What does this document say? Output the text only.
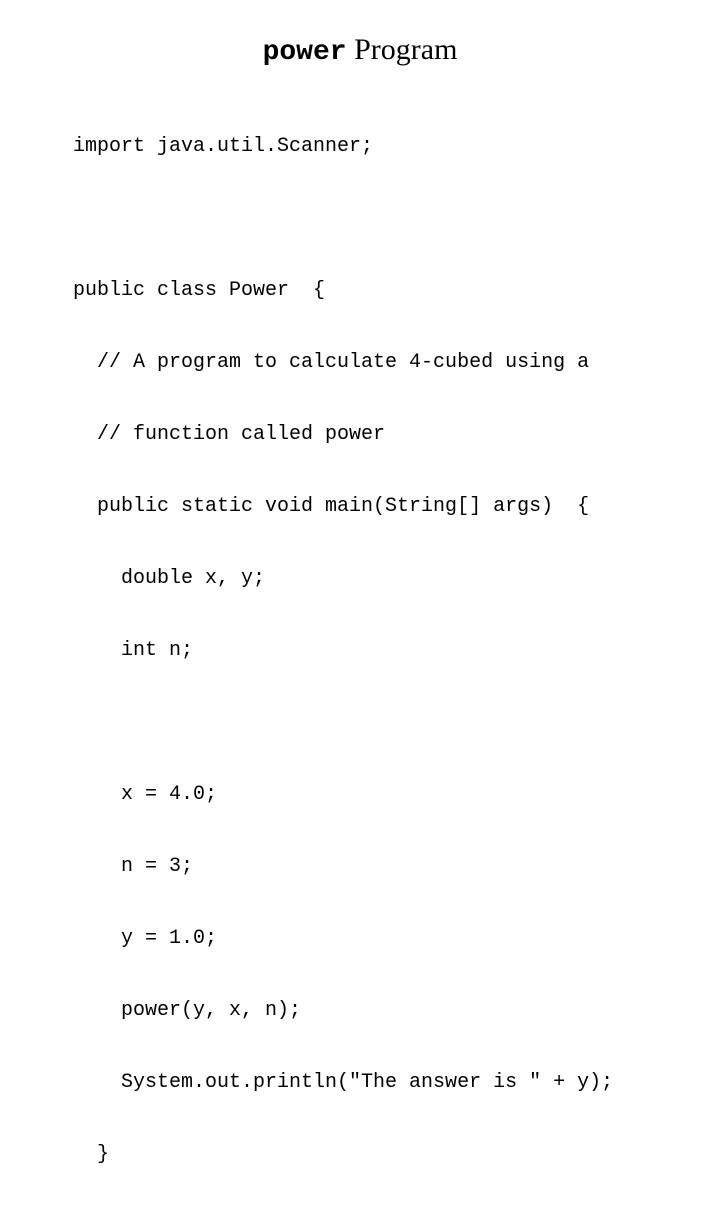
power Program

import java.util.Scanner;

public class Power  {

// A program to calculate 4-cubed using a

// function called power

public static void main(String[] args)  {

double x, y;

int n;

x = 4.0;

n = 3;

y = 1.0;

power(y, x, n);

System.out.println("The answer is " + y);

}
